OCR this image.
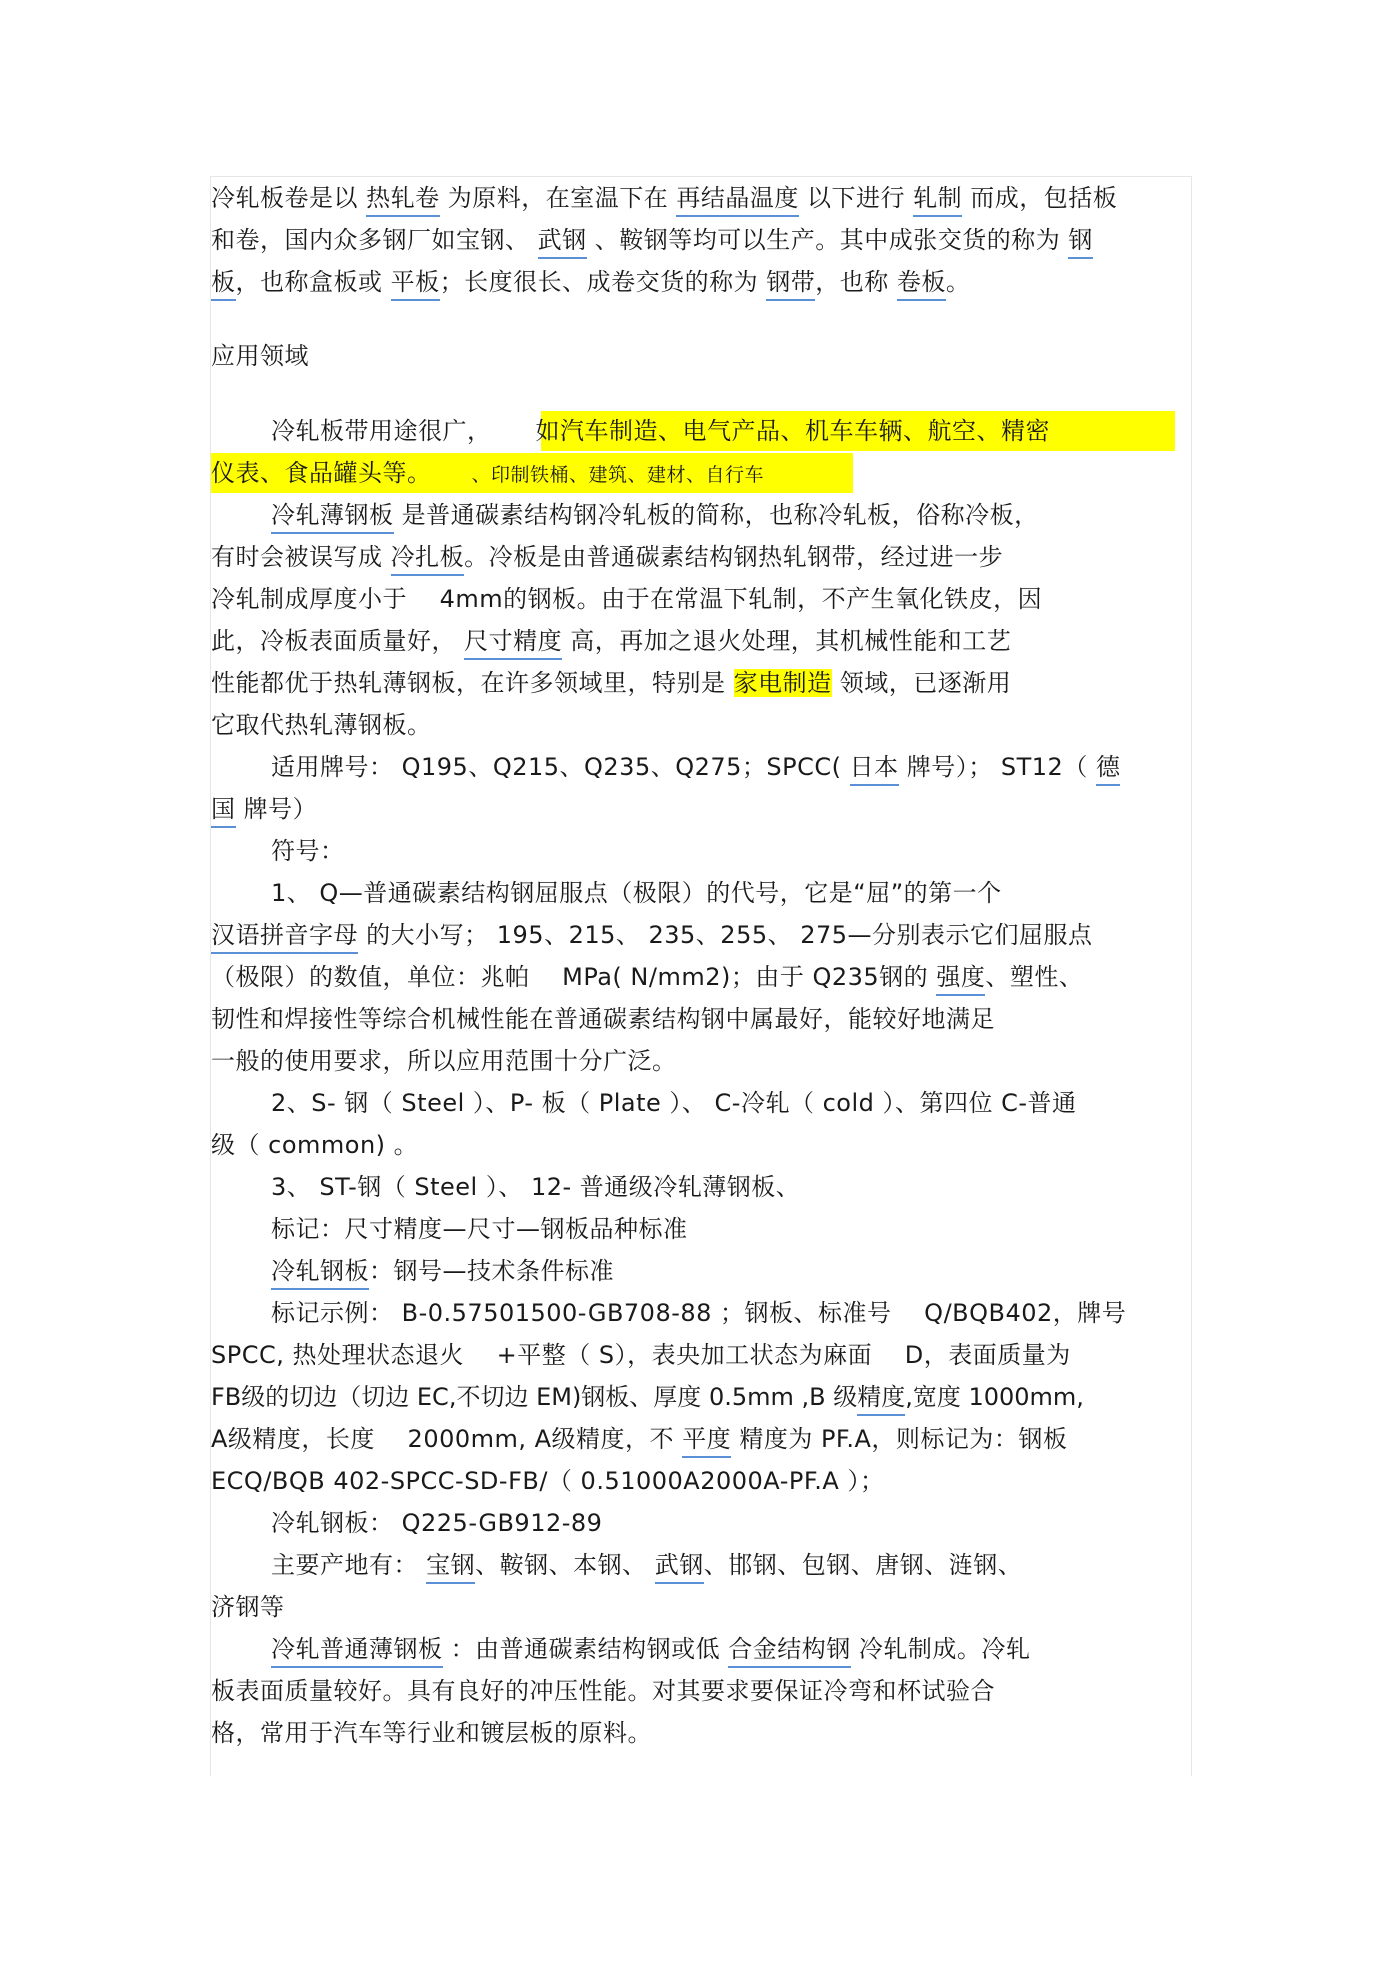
冷轧板卷是以 热轧卷 为原料，在室温下在 再结晶温度 以下进行 轧制 而成，包括板
和卷，国内众多钢厂如宝钢、 武钢 、鞍钢等均可以生产。其中成张交货的称为 钢
板，也称盒板或 平板；长度很长、成卷交货的称为 钢带，也称 卷板。
应用领域
冷轧板带用途很广， 如汽车制造、电气产品、机车车辆、航空、精密
仪表、食品罐头等。 、印制铁桶、建筑、建材、自行车
冷轧薄钢板 是普通碳素结构钢冷轧板的简称，也称冷轧板，俗称冷板，
有时会被误写成 冷扎板。冷板是由普通碳素结构钢热轧钢带，经过进一步
冷轧制成厚度小于 　4mm的钢板。由于在常温下轧制，不产生氧化铁皮，因
此，冷板表面质量好， 尺寸精度 高，再加之退火处理，其机械性能和工艺
性能都优于热轧薄钢板，在许多领域里，特别是 家电制造 领域，已逐渐用
它取代热轧薄钢板。
适用牌号： Q195、Q215、Q235、Q275；SPCC( 日本 牌号）； ST12（ 德
国 牌号）
符号：
1、 Q—普通碳素结构钢屈服点（极限）的代号，它是“屈”的第一个
汉语拼音字母 的大小写； 195、215、 235、255、 275—分别表示它们屈服点
（极限）的数值，单位：兆帕 　MPa( N/mm2)；由于 Q235钢的 强度、塑性、
韧性和焊接性等综合机械性能在普通碳素结构钢中属最好，能较好地满足
一般的使用要求，所以应用范围十分广泛。
2、S- 钢（ Steel ）、P- 板（ Plate ）、 C-冷轧（ cold ）、第四位 C-普通
级（ common) 。
3、 ST-钢（ Steel ）、 12- 普通级冷轧薄钢板、
标记：尺寸精度—尺寸—钢板品种标准
冷轧钢板：钢号—技术条件标准
标记示例： B-0.57501500-GB708-88 ；钢板、标准号 　Q/BQB402，牌号
SPCC, 热处理状态退火 　+平整（ S），表央加工状态为麻面 　D，表面质量为
FB级的切边（切边 EC,不切边 EM)钢板、厚度 0.5mm ,B 级精度,宽度 1000mm,
A级精度，长度 　2000mm, A级精度，不 平度 精度为 PF.A，则标记为：钢板
ECQ/BQB 402-SPCC-SD-FB/（ 0.51000A2000A-PF.A ）；
冷轧钢板： Q225-GB912-89
主要产地有： 宝钢、鞍钢、本钢、 武钢、邯钢、包钢、唐钢、涟钢、
济钢等
冷轧普通薄钢板 ：由普通碳素结构钢或低 合金结构钢 冷轧制成。冷轧
板表面质量较好。具有良好的冲压性能。对其要求要保证冷弯和杯试验合
格，常用于汽车等行业和镀层板的原料。
